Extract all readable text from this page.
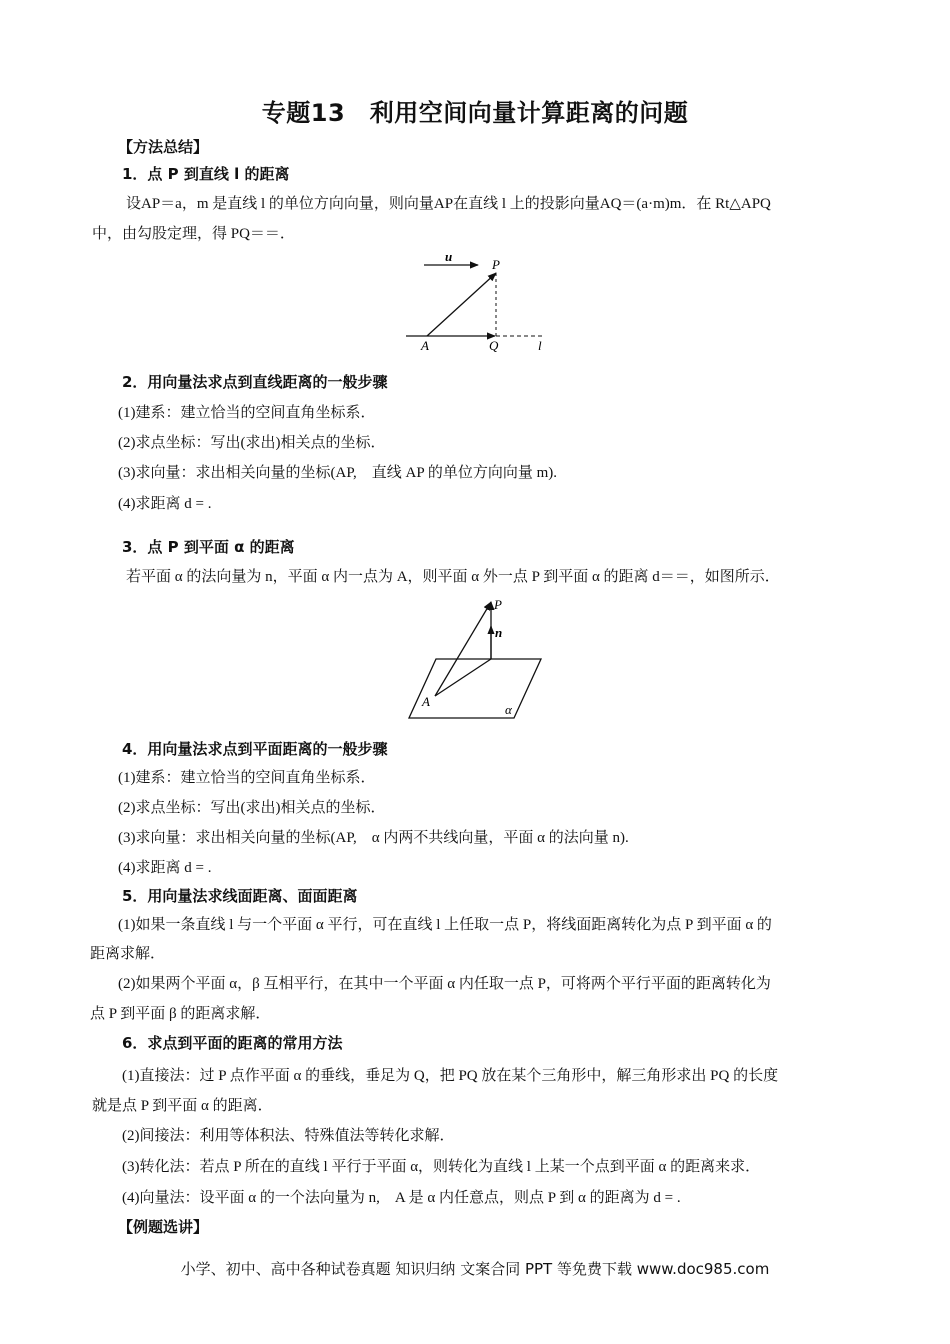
专题13　利用空间向量计算距离的问题
【方法总结】
1．点 P 到直线 l 的距离
设AP＝a，m 是直线 l 的单位方向向量，则向量AP在直线 l 上的投影向量AQ＝(a·m)m．在 Rt△APQ
中，由勾股定理，得 PQ＝＝．
u
P
A	Q	l
2．用向量法求点到直线距离的一般步骤
(1)建系：建立恰当的空间直角坐标系．
(2)求点坐标：写出(求出)相关点的坐标．
(3)求向量：求出相关向量的坐标(AP,　直线 AP 的单位方向向量 m).
(4)求距离 d = .
3．点 P 到平面 α 的距离
若平面 α 的法向量为 n，平面 α 内一点为 A，则平面 α 外一点 P 到平面 α 的距离 d＝＝，如图所示．
P
n
A
α
4．用向量法求点到平面距离的一般步骤
(1)建系：建立恰当的空间直角坐标系．
(2)求点坐标：写出(求出)相关点的坐标．
(3)求向量：求出相关向量的坐标(AP,　α 内两不共线向量，平面 α 的法向量 n).
(4)求距离 d = .
5．用向量法求线面距离、面面距离
(1)如果一条直线 l 与一个平面 α 平行，可在直线 l 上任取一点 P，将线面距离转化为点 P 到平面 α 的
距离求解．
(2)如果两个平面 α，β 互相平行，在其中一个平面 α 内任取一点 P，可将两个平行平面的距离转化为
点 P 到平面 β 的距离求解．
6．求点到平面的距离的常用方法
(1)直接法：过 P 点作平面 α 的垂线，垂足为 Q，把 PQ 放在某个三角形中，解三角形求出 PQ 的长度
就是点 P 到平面 α 的距离．
(2)间接法：利用等体积法、特殊值法等转化求解．
(3)转化法：若点 P 所在的直线 l 平行于平面 α，则转化为直线 l 上某一个点到平面 α 的距离来求．
(4)向量法：设平面 α 的一个法向量为 n,　A 是 α 内任意点，则点 P 到 α 的距离为 d = .
【例题选讲】
小学、初中、高中各种试卷真题 知识归纳 文案合同 PPT 等免费下载 www.doc985.com
